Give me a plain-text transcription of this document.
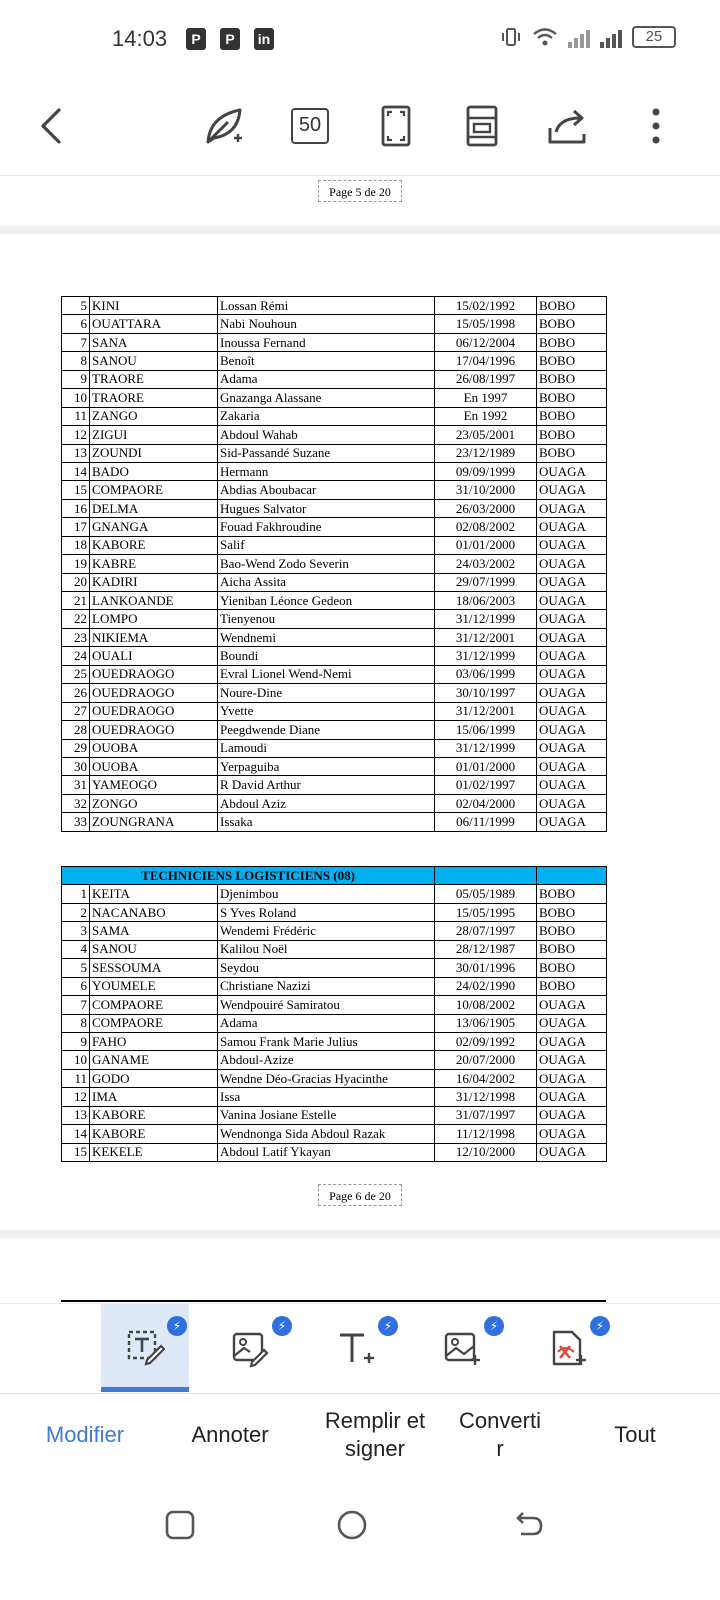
14:03	P	P	in	25
50
Page 5 de 20
5	KINI	Lossan Rémi	15/02/1992	BOBO
6	OUATTARA	Nabi Nouhoun	15/05/1998	BOBO
7	SANA	Inoussa Fernand	06/12/2004	BOBO
8	SANOU	Benoît	17/04/1996	BOBO
9	TRAORE	Adama	26/08/1997	BOBO
10	TRAORE	Gnazanga Alassane	En 1997	BOBO
11	ZANGO	Zakaria	En 1992	BOBO
12	ZIGUI	Abdoul Wahab	23/05/2001	BOBO
13	ZOUNDI	Sid-Passandé Suzane	23/12/1989	BOBO
14	BADO	Hermann	09/09/1999	OUAGA
15	COMPAORE	Abdias Aboubacar	31/10/2000	OUAGA
16	DELMA	Hugues Salvator	26/03/2000	OUAGA
17	GNANGA	Fouad Fakhroudine	02/08/2002	OUAGA
18	KABORE	Salif	01/01/2000	OUAGA
19	KABRE	Bao-Wend Zodo Severin	24/03/2002	OUAGA
20	KADIRI	Aicha Assita	29/07/1999	OUAGA
21	LANKOANDE	Yieniban Léonce Gedeon	18/06/2003	OUAGA
22	LOMPO	Tienyenou	31/12/1999	OUAGA
23	NIKIEMA	Wendnemi	31/12/2001	OUAGA
24	OUALI	Boundi	31/12/1999	OUAGA
25	OUEDRAOGO	Evral Lionel Wend-Nemi	03/06/1999	OUAGA
26	OUEDRAOGO	Noure-Dine	30/10/1997	OUAGA
27	OUEDRAOGO	Yvette	31/12/2001	OUAGA
28	OUEDRAOGO	Peegdwende Diane	15/06/1999	OUAGA
29	OUOBA	Lamoudi	31/12/1999	OUAGA
30	OUOBA	Yerpaguiba	01/01/2000	OUAGA
31	YAMEOGO	R David Arthur	01/02/1997	OUAGA
32	ZONGO	Abdoul Aziz	02/04/2000	OUAGA
33	ZOUNGRANA	Issaka	06/11/1999	OUAGA
TECHNICIENS LOGISTICIENS (08)				
1	KEITA	Djenimbou	05/05/1989	BOBO
2	NACANABO	S Yves Roland	15/05/1995	BOBO
3	SAMA	Wendemi Frédéric	28/07/1997	BOBO
4	SANOU	Kalilou Noël	28/12/1987	BOBO
5	SESSOUMA	Seydou	30/01/1996	BOBO
6	YOUMELE	Christiane Nazizi	24/02/1990	BOBO
7	COMPAORE	Wendpouiré Samiratou	10/08/2002	OUAGA
8	COMPAORE	Adama	13/06/1905	OUAGA
9	FAHO	Samou Frank Marie Julius	02/09/1992	OUAGA
10	GANAME	Abdoul-Azize	20/07/2000	OUAGA
11	GODO	Wendne Déo-Gracias Hyacinthe	16/04/2002	OUAGA
12	IMA	Issa	31/12/1998	OUAGA
13	KABORE	Vanina Josiane Estelle	31/07/1997	OUAGA
14	KABORE	Wendnonga Sida Abdoul Razak	11/12/1998	OUAGA
15	KEKELE	Abdoul Latif Ykayan	12/10/2000	OUAGA
Page 6 de 20
⚡	⚡	⚡	⚡	⚡
Modifier	Annoter
Remplir et
signer
Converti
r
Tout
